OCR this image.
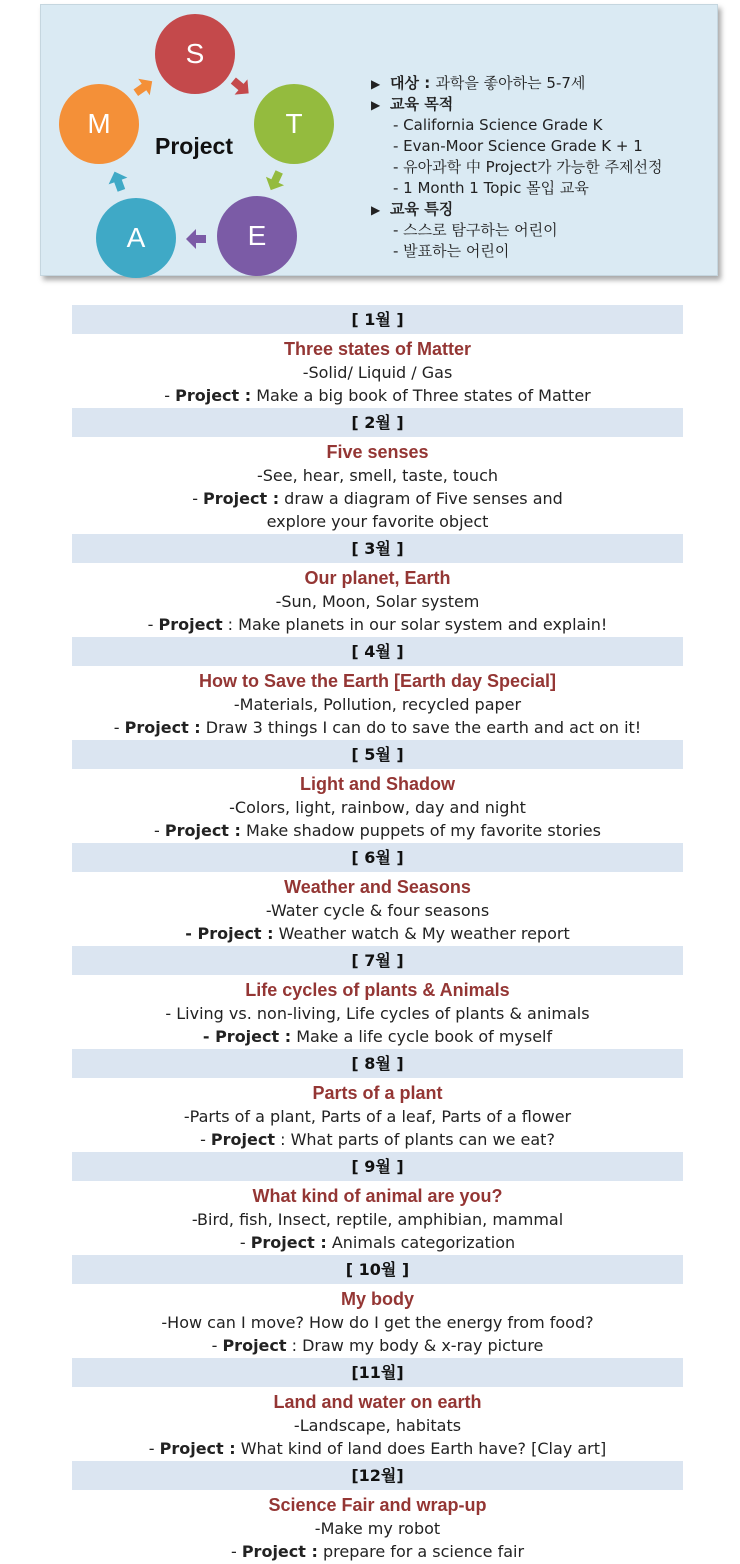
S
T
E
A
M
Project
▶ 대상 : 과학을 좋아하는 5-7세
▶ 교육 목적
- California Science Grade K
- Evan-Moor Science Grade K + 1
- 유아과학 中 Project가 가능한 주제선정
- 1 Month 1 Topic 몰입 교육
▶ 교육 특징
- 스스로 탐구하는 어린이
- 발표하는 어린이
[ 1월 ]
Three states of Matter
-Solid/ Liquid / Gas
- Project : Make a big book of Three states of Matter
[ 2월 ]
Five senses
-See, hear, smell, taste, touch
- Project : draw a diagram of Five senses and
explore your favorite object
[ 3월 ]
Our planet, Earth
-Sun, Moon, Solar system
- Project : Make planets in our solar system and explain!
[ 4월 ]
How to Save the Earth [Earth day Special]
-Materials, Pollution, recycled paper
- Project : Draw 3 things I can do to save the earth and act on it!
[ 5월 ]
Light and Shadow
-Colors, light, rainbow, day and night
- Project : Make shadow puppets of my favorite stories
[ 6월 ]
Weather and Seasons
-Water cycle & four seasons
- Project : Weather watch & My weather report
[ 7월 ]
Life cycles of plants & Animals
- Living vs. non-living, Life cycles of plants & animals
- Project : Make a life cycle book of myself
[ 8월 ]
Parts of a plant
-Parts of a plant, Parts of a leaf, Parts of a flower
- Project : What parts of plants can we eat?
[ 9월 ]
What kind of animal are you?
-Bird, fish, Insect, reptile, amphibian, mammal
- Project : Animals categorization
[ 10월 ]
My body
-How can I move? How do I get the energy from food?
- Project : Draw my body & x-ray picture
[11월]
Land and water on earth
-Landscape, habitats
- Project : What kind of land does Earth have? [Clay art]
[12월]
Science Fair and wrap-up
-Make my robot
- Project : prepare for a science fair
